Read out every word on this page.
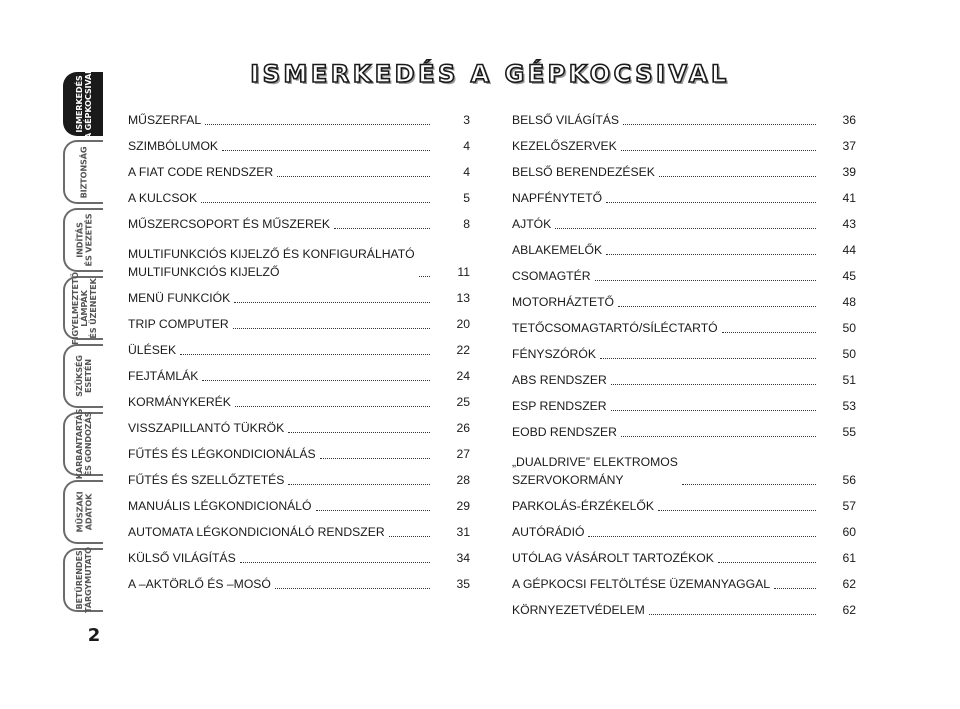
ISMERKEDÉS
A GÉPKOCSIVAL
BIZTONSÁG
INDÍTÁS
ÉS VEZETÉS
FIGYELMEZTETŐ
LÁMPÁK
ÉS ÜZENETEK
SZÜKSÉG
ESETÉN
KARBANTARTÁS
ÉS GONDOZÁS
MŰSZAKI
ADATOK
BETŰRENDES
TÁRGYMUTATÓ
ISMERKEDÉS A GÉPKOCSIVAL
MŰSZERFAL	3
SZIMBÓLUMOK	4
A FIAT CODE RENDSZER	4
A KULCSOK	5
MŰSZERCSOPORT ÉS MŰSZEREK	8
MULTIFUNKCIÓS KIJELZŐ ÉS KONFIGURÁLHATÓ
MULTIFUNKCIÓS KIJELZŐ	11
MENÜ FUNKCIÓK	13
TRIP COMPUTER	20
ÜLÉSEK	22
FEJTÁMLÁK	24
KORMÁNYKERÉK	25
VISSZAPILLANTÓ TÜKRÖK	26
FŰTÉS ÉS LÉGKONDICIONÁLÁS	27
FŰTÉS ÉS SZELLŐZTETÉS	28
MANUÁLIS LÉGKONDICIONÁLÓ	29
AUTOMATA LÉGKONDICIONÁLÓ RENDSZER	31
KÜLSŐ VILÁGÍTÁS	34
A –AKTÖRLŐ ÉS –MOSÓ	35
BELSŐ VILÁGÍTÁS	36
KEZELŐSZERVEK	37
BELSŐ BERENDEZÉSEK	39
NAPFÉNYTETŐ	41
AJTÓK	43
ABLAKEMELŐK	44
CSOMAGTÉR	45
MOTORHÁZTETŐ	48
TETŐCSOMAGTARTÓ/SÍLÉCTARTÓ	50
FÉNYSZÓRÓK	50
ABS RENDSZER	51
ESP RENDSZER	53
EOBD RENDSZER	55
„DUALDRIVE” ELEKTROMOS
SZERVOKORMÁNY	56
PARKOLÁS-ÉRZÉKELŐK	57
AUTÓRÁDIÓ	60
UTÓLAG VÁSÁROLT TARTOZÉKOK	61
A GÉPKOCSI FELTÖLTÉSE ÜZEMANYAGGAL	62
KÖRNYEZETVÉDELEM	62
2
